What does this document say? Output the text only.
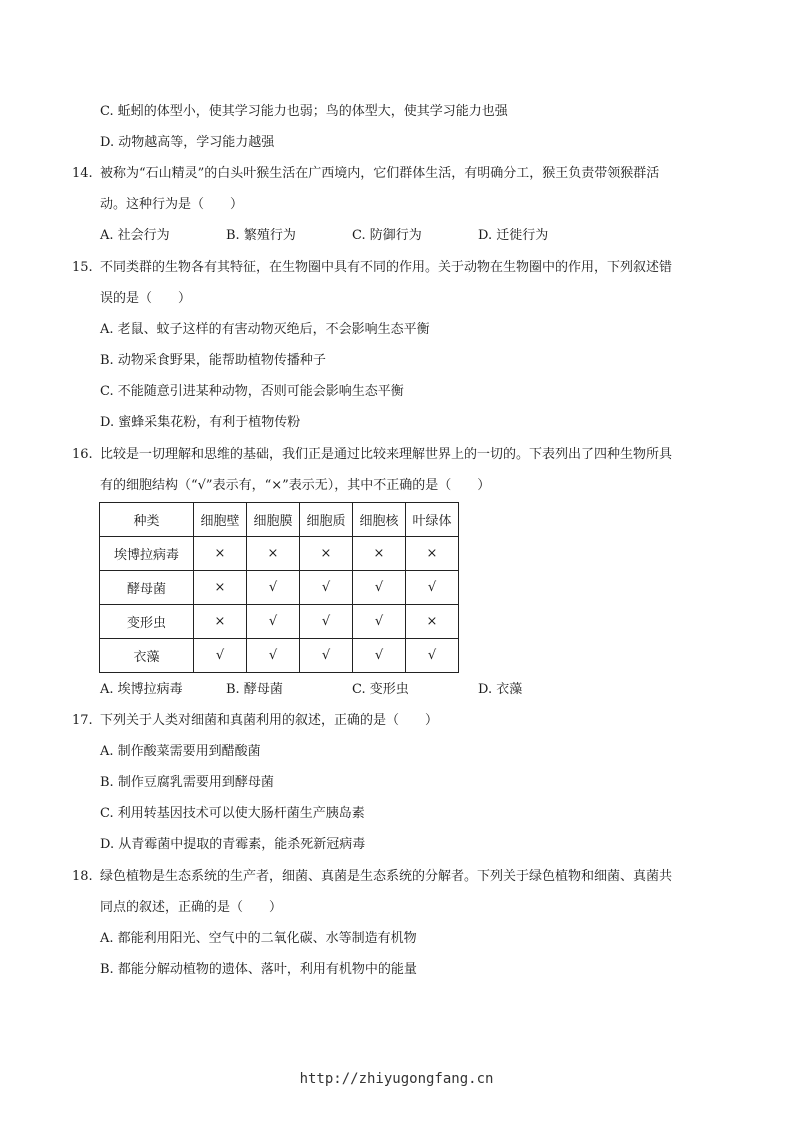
C. 蚯蚓的体型小，使其学习能力也弱；鸟的体型大，使其学习能力也强
D. 动物越高等，学习能力越强
14. 被称为“石山精灵”的白头叶猴生活在广西境内，它们群体生活，有明确分工，猴王负责带领猴群活
动。这种行为是（　　）
A. 社会行为	B. 繁殖行为	C. 防御行为	D. 迁徙行为
15. 不同类群的生物各有其特征，在生物圈中具有不同的作用。关于动物在生物圈中的作用，下列叙述错
误的是（　　）
A. 老鼠、蚊子这样的有害动物灭绝后，不会影响生态平衡
B. 动物采食野果，能帮助植物传播种子
C. 不能随意引进某种动物，否则可能会影响生态平衡
D. 蜜蜂采集花粉，有利于植物传粉
16. 比较是一切理解和思维的基础，我们正是通过比较来理解世界上的一切的。下表列出了四种生物所具
有的细胞结构（“√”表示有，“×”表示无），其中不正确的是（　　）
种类	细胞壁	细胞膜	细胞质	细胞核	叶绿体
埃博拉病毒	×	×	×	×	×
酵母菌	×	√	√	√	√
变形虫	×	√	√	√	×
衣藻	√	√	√	√	√
A. 埃博拉病毒	B. 酵母菌	C. 变形虫	D. 衣藻
17. 下列关于人类对细菌和真菌利用的叙述，正确的是（　　）
A. 制作酸菜需要用到醋酸菌
B. 制作豆腐乳需要用到酵母菌
C. 利用转基因技术可以使大肠杆菌生产胰岛素
D. 从青霉菌中提取的青霉素，能杀死新冠病毒
18. 绿色植物是生态系统的生产者，细菌、真菌是生态系统的分解者。下列关于绿色植物和细菌、真菌共
同点的叙述，正确的是（　　）
A. 都能利用阳光、空气中的二氧化碳、水等制造有机物
B. 都能分解动植物的遗体、落叶，利用有机物中的能量
http://zhiyugongfang.cn
